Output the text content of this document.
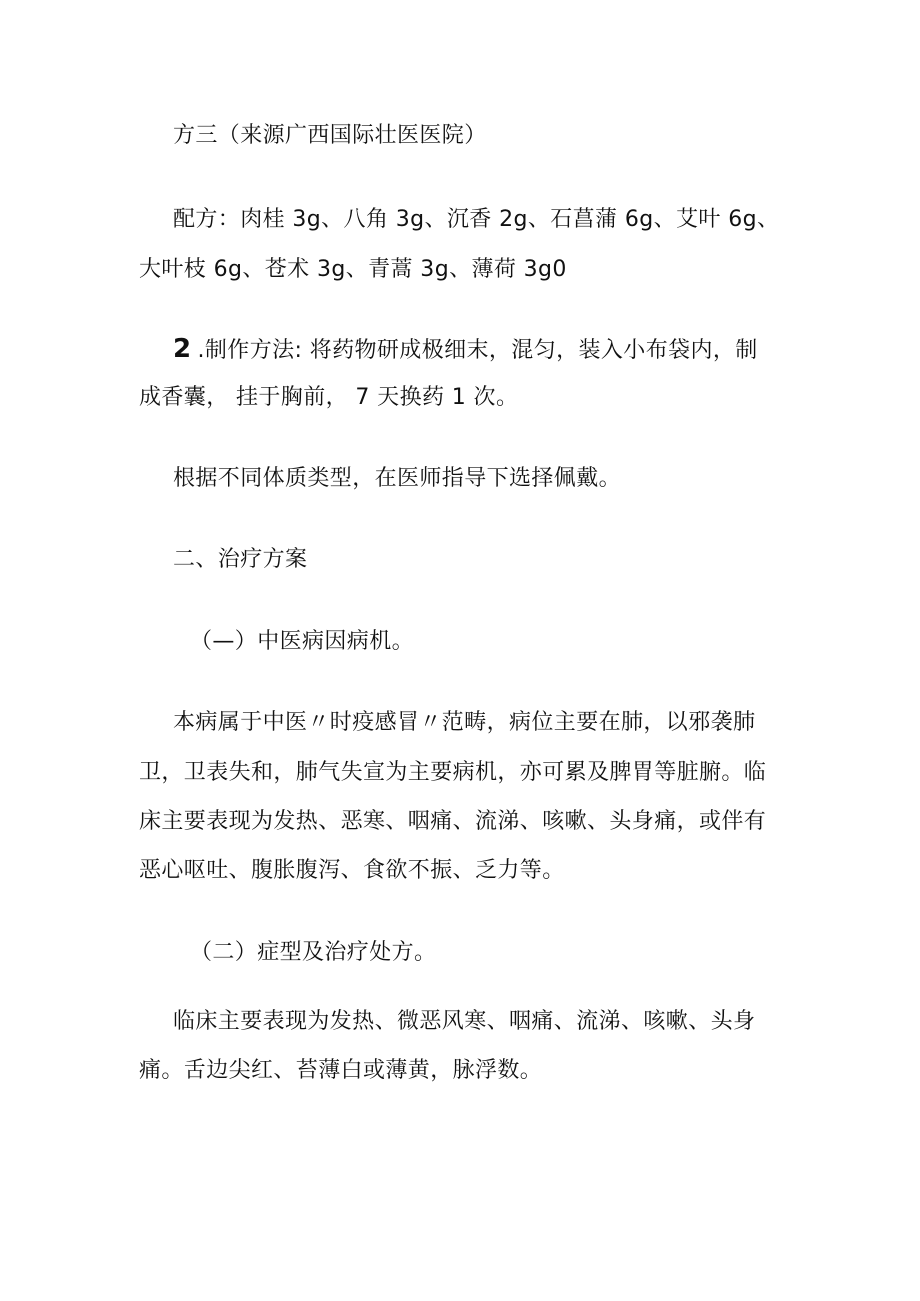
方三（来源广西国际壮医医院）
配方：肉桂 3g、八角 3g、沉香 2g、石菖蒲 6g、艾叶 6g、
大叶枝 6g、苍术 3g、青蒿 3g、薄荷 3g0
2 .制作方法: 将药物研成极细末，混匀，装入小布袋内，制
成香囊， 挂于胸前， 7 天换药 1 次。
根据不同体质类型，在医师指导下选择佩戴。
二、治疗方案
（—）中医病因病机。
本病属于中医〃时疫感冒〃范畴，病位主要在肺，以邪袭肺
卫，卫表失和，肺气失宣为主要病机，亦可累及脾胃等脏腑。临
床主要表现为发热、恶寒、咽痛、流涕、咳嗽、头身痛，或伴有
恶心呕吐、腹胀腹泻、食欲不振、乏力等。
（二）症型及治疗处方。
临床主要表现为发热、微恶风寒、咽痛、流涕、咳嗽、头身
痛。舌边尖红、苔薄白或薄黄，脉浮数。
